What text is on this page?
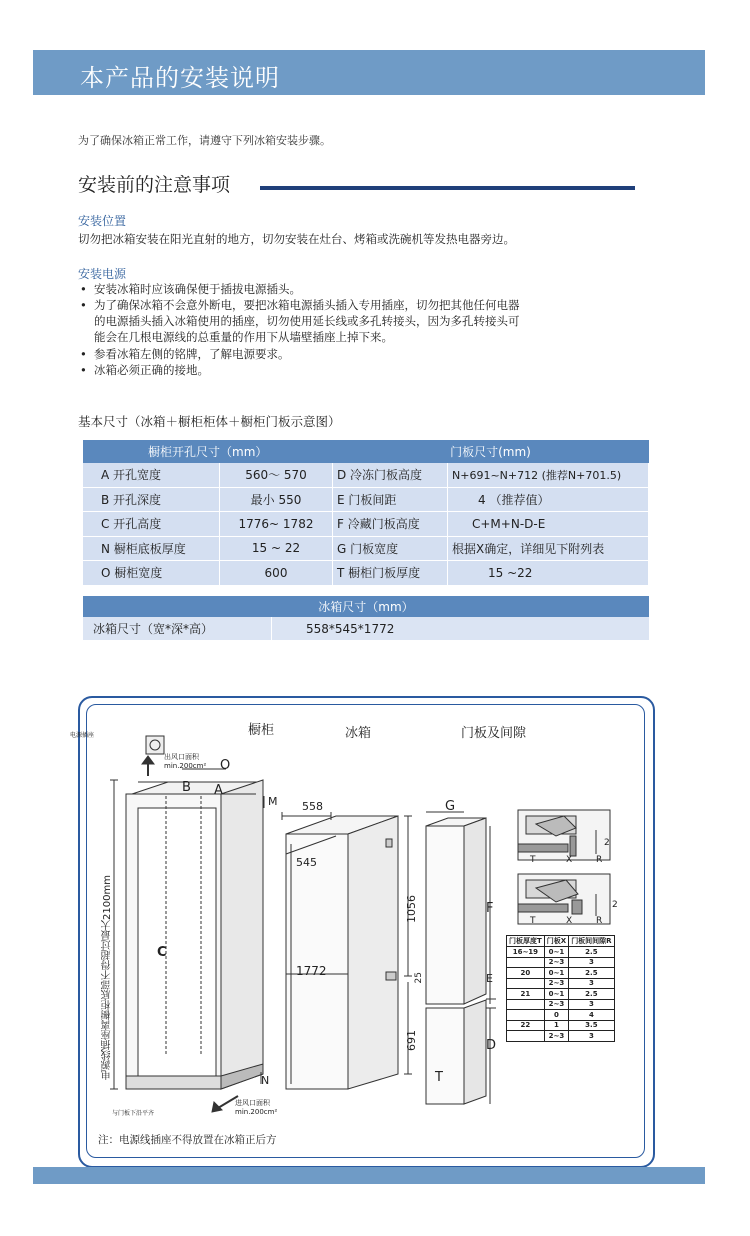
本产品的安装说明
为了确保冰箱正常工作，请遵守下列冰箱安装步骤。
安装前的注意事项
安装位置
切勿把冰箱安装在阳光直射的地方，切勿安装在灶台、烤箱或洗碗机等发热电器旁边。
安装电源
• 安装冰箱时应该确保便于插拔电源插头。
• 为了确保冰箱不会意外断电，要把冰箱电源插头插入专用插座，切勿把其他任何电器
的电源插头插入冰箱使用的插座，切勿使用延长线或多孔转接头，因为多孔转接头可
能会在几根电源线的总重量的作用下从墙壁插座上掉下来。
• 参看冰箱左侧的铭牌，了解电源要求。
• 冰箱必须正确的接地。
基本尺寸（冰箱＋橱柜柜体＋橱柜门板示意图）
橱柜开孔尺寸（mm）		门板尺寸(mm)	
A 开孔宽度	560～ 570	D 冷冻门板高度	N+691~N+712 (推荐N+701.5)
B 开孔深度	最小 550	E 门板间距	4 （推荐值）
C 开孔高度	1776~ 1782	F 冷藏门板高度	C+M+N-D-E
N 橱柜底板厚度	15 ~ 22	G 门板宽度	根据X确定，详细见下附列表
O 橱柜宽度	600	T 橱柜门板厚度	15 ~22
冰箱尺寸（mm）
冰箱尺寸（宽*深*高）	558*545*1772
橱柜	冰箱	门板及间隙
电源插座
出风口面积
min.200cm²
进风口面积
min.200cm²
与门板下沿平齐
电源线插座离橱柜底部不得超过最大2100mm
O
B A
M
C
N
558
545
1772
1056
25
691
G
F
E
D
T
T	X	R
2
T	X	R
2
门板厚度T	门板X	门板间间隙R
16~19	0~1	2.5
	2~3	3
20	0~1	2.5
	2~3	3
21	0~1	2.5
	2~3	3
	0	4
22	1	3.5
	2~3	3
注：电源线插座不得放置在冰箱正后方
